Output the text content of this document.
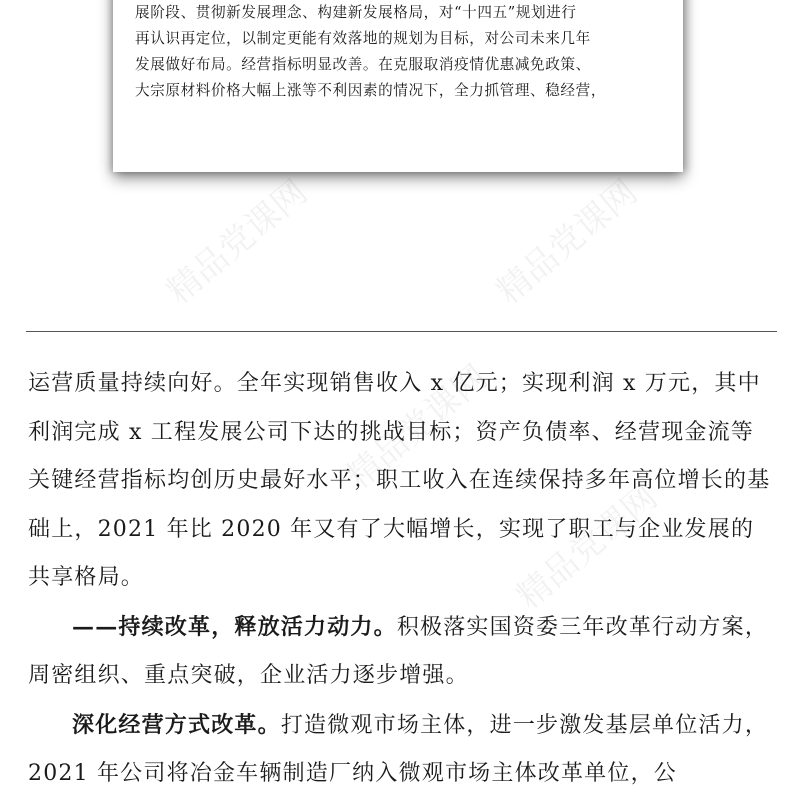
精品党课网	精品党课网
精品党课网
精品党课网
展阶段、贯彻新发展理念、构建新发展格局，对“十四五”规划进行
再认识再定位，以制定更能有效落地的规划为目标，对公司未来几年
发展做好布局。经营指标明显改善。在克服取消疫情优惠减免政策、
大宗原材料价格大幅上涨等不利因素的情况下，全力抓管理、稳经营，

运营质量持续向好。全年实现销售收入 x 亿元；实现利润 x 万元，其中利润完成 x 工程发展公司下达的挑战目标；资产负债率、经营现金流等关键经营指标均创历史最好水平；职工收入在连续保持多年高位增长的基础上，2021 年比 2020 年又有了大幅增长，实现了职工与企业发展的共享格局。

——持续改革，释放活力动力。积极落实国资委三年改革行动方案，周密组织、重点突破，企业活力逐步增强。

深化经营方式改革。打造微观市场主体，进一步激发基层单位活力，2021 年公司将冶金车辆制造厂纳入微观市场主体改革单位，公
